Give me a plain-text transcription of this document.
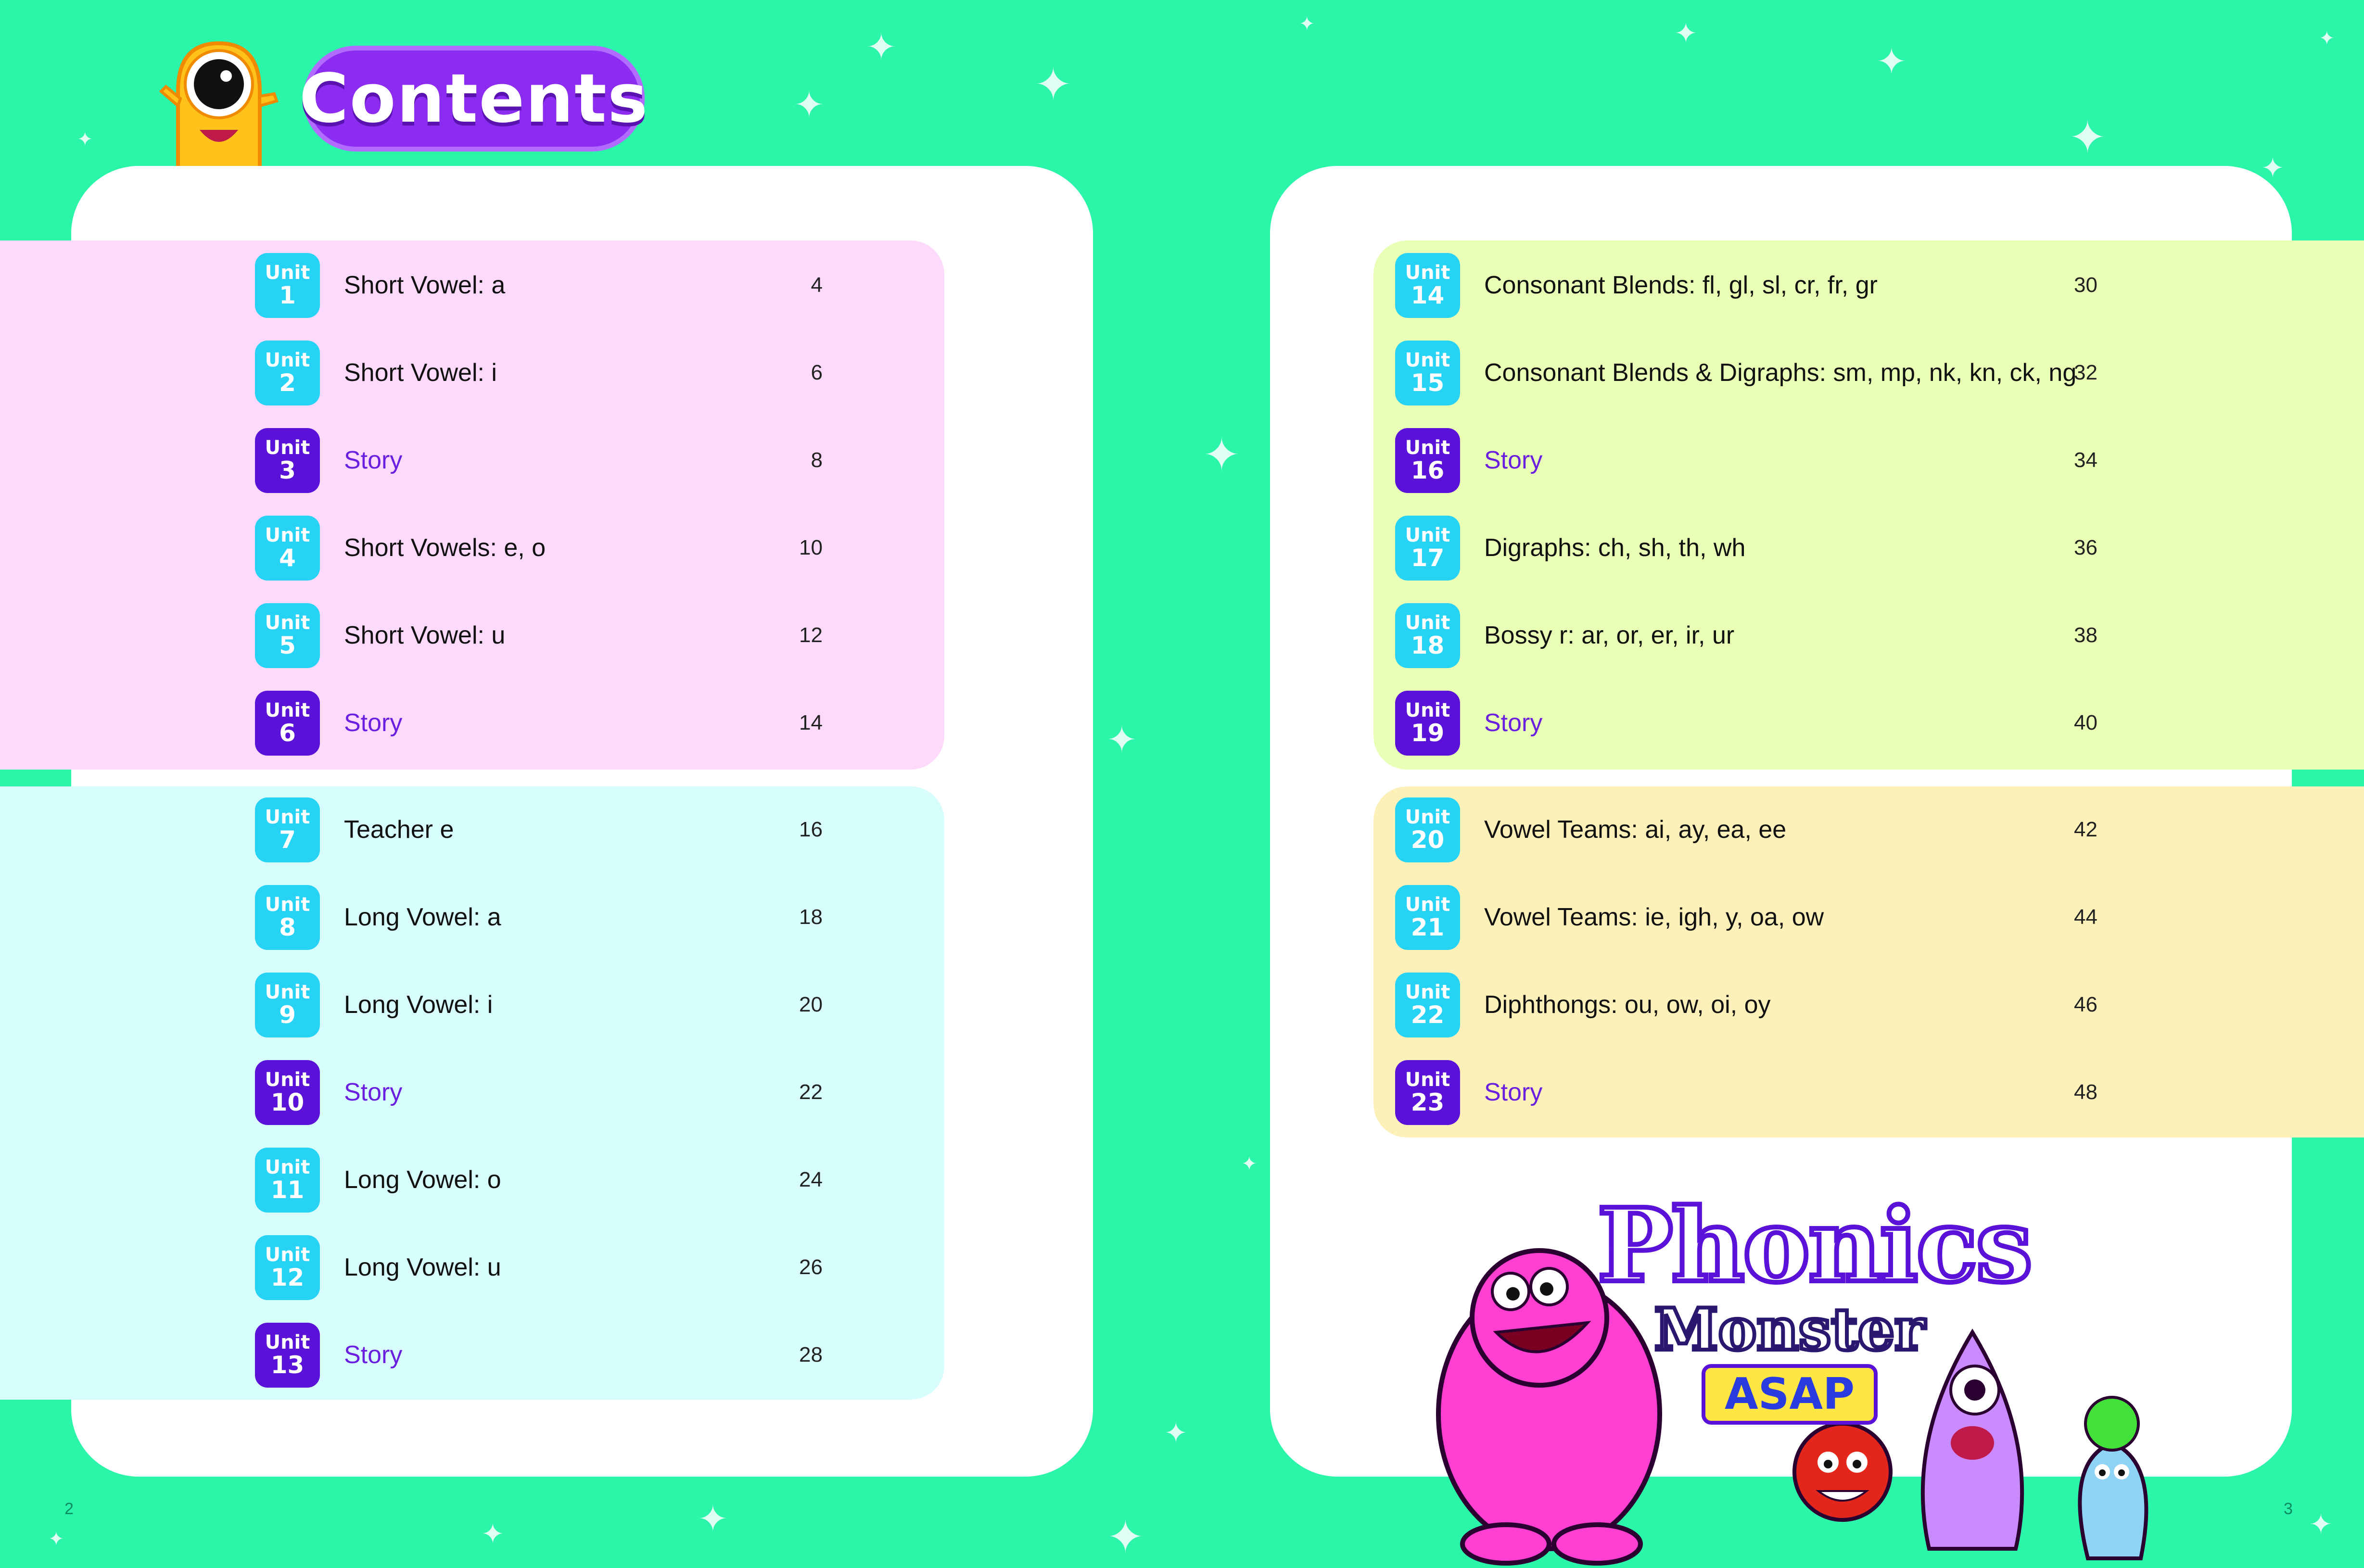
✦
✦
✦
✦	✦
✦
✦
✦
✦
✦
✦	✦	✦	✦	✦
✦
✦
✦
✦
Contents
Unit
1 Short Vowel: a	4
Unit
2 Short Vowel: i	6
Unit
3 Story	8
Unit
4 Short Vowels: e, o	10
Unit
5 Short Vowel: u	12
Unit
6 Story	14
Unit
7 Teacher e	16
Unit
8 Long Vowel: a	18
Unit
9 Long Vowel: i	20
Unit
10 Story	22
Unit
11 Long Vowel: o	24
Unit
12 Long Vowel: u	26
Unit
13 Story	28
Unit
14 Consonant Blends: fl, gl, sl, cr, fr, gr	30
Unit
15 Consonant Blends & Digraphs: sm, mp, nk, kn, ck, ng
32
Unit
16 Story	34
Unit
17 Digraphs: ch, sh, th, wh	36
Unit
18 Bossy r: ar, or, er, ir, ur	38
Unit
19 Story	40
Unit
20 Vowel Teams: ai, ay, ea, ee	42
Unit
21 Vowel Teams: ie, igh, y, oa, ow	44
Unit
22 Diphthongs: ou, ow, oi, oy	46
Unit
23 Story	48
2	3
Phonics
Monster
ASAP
